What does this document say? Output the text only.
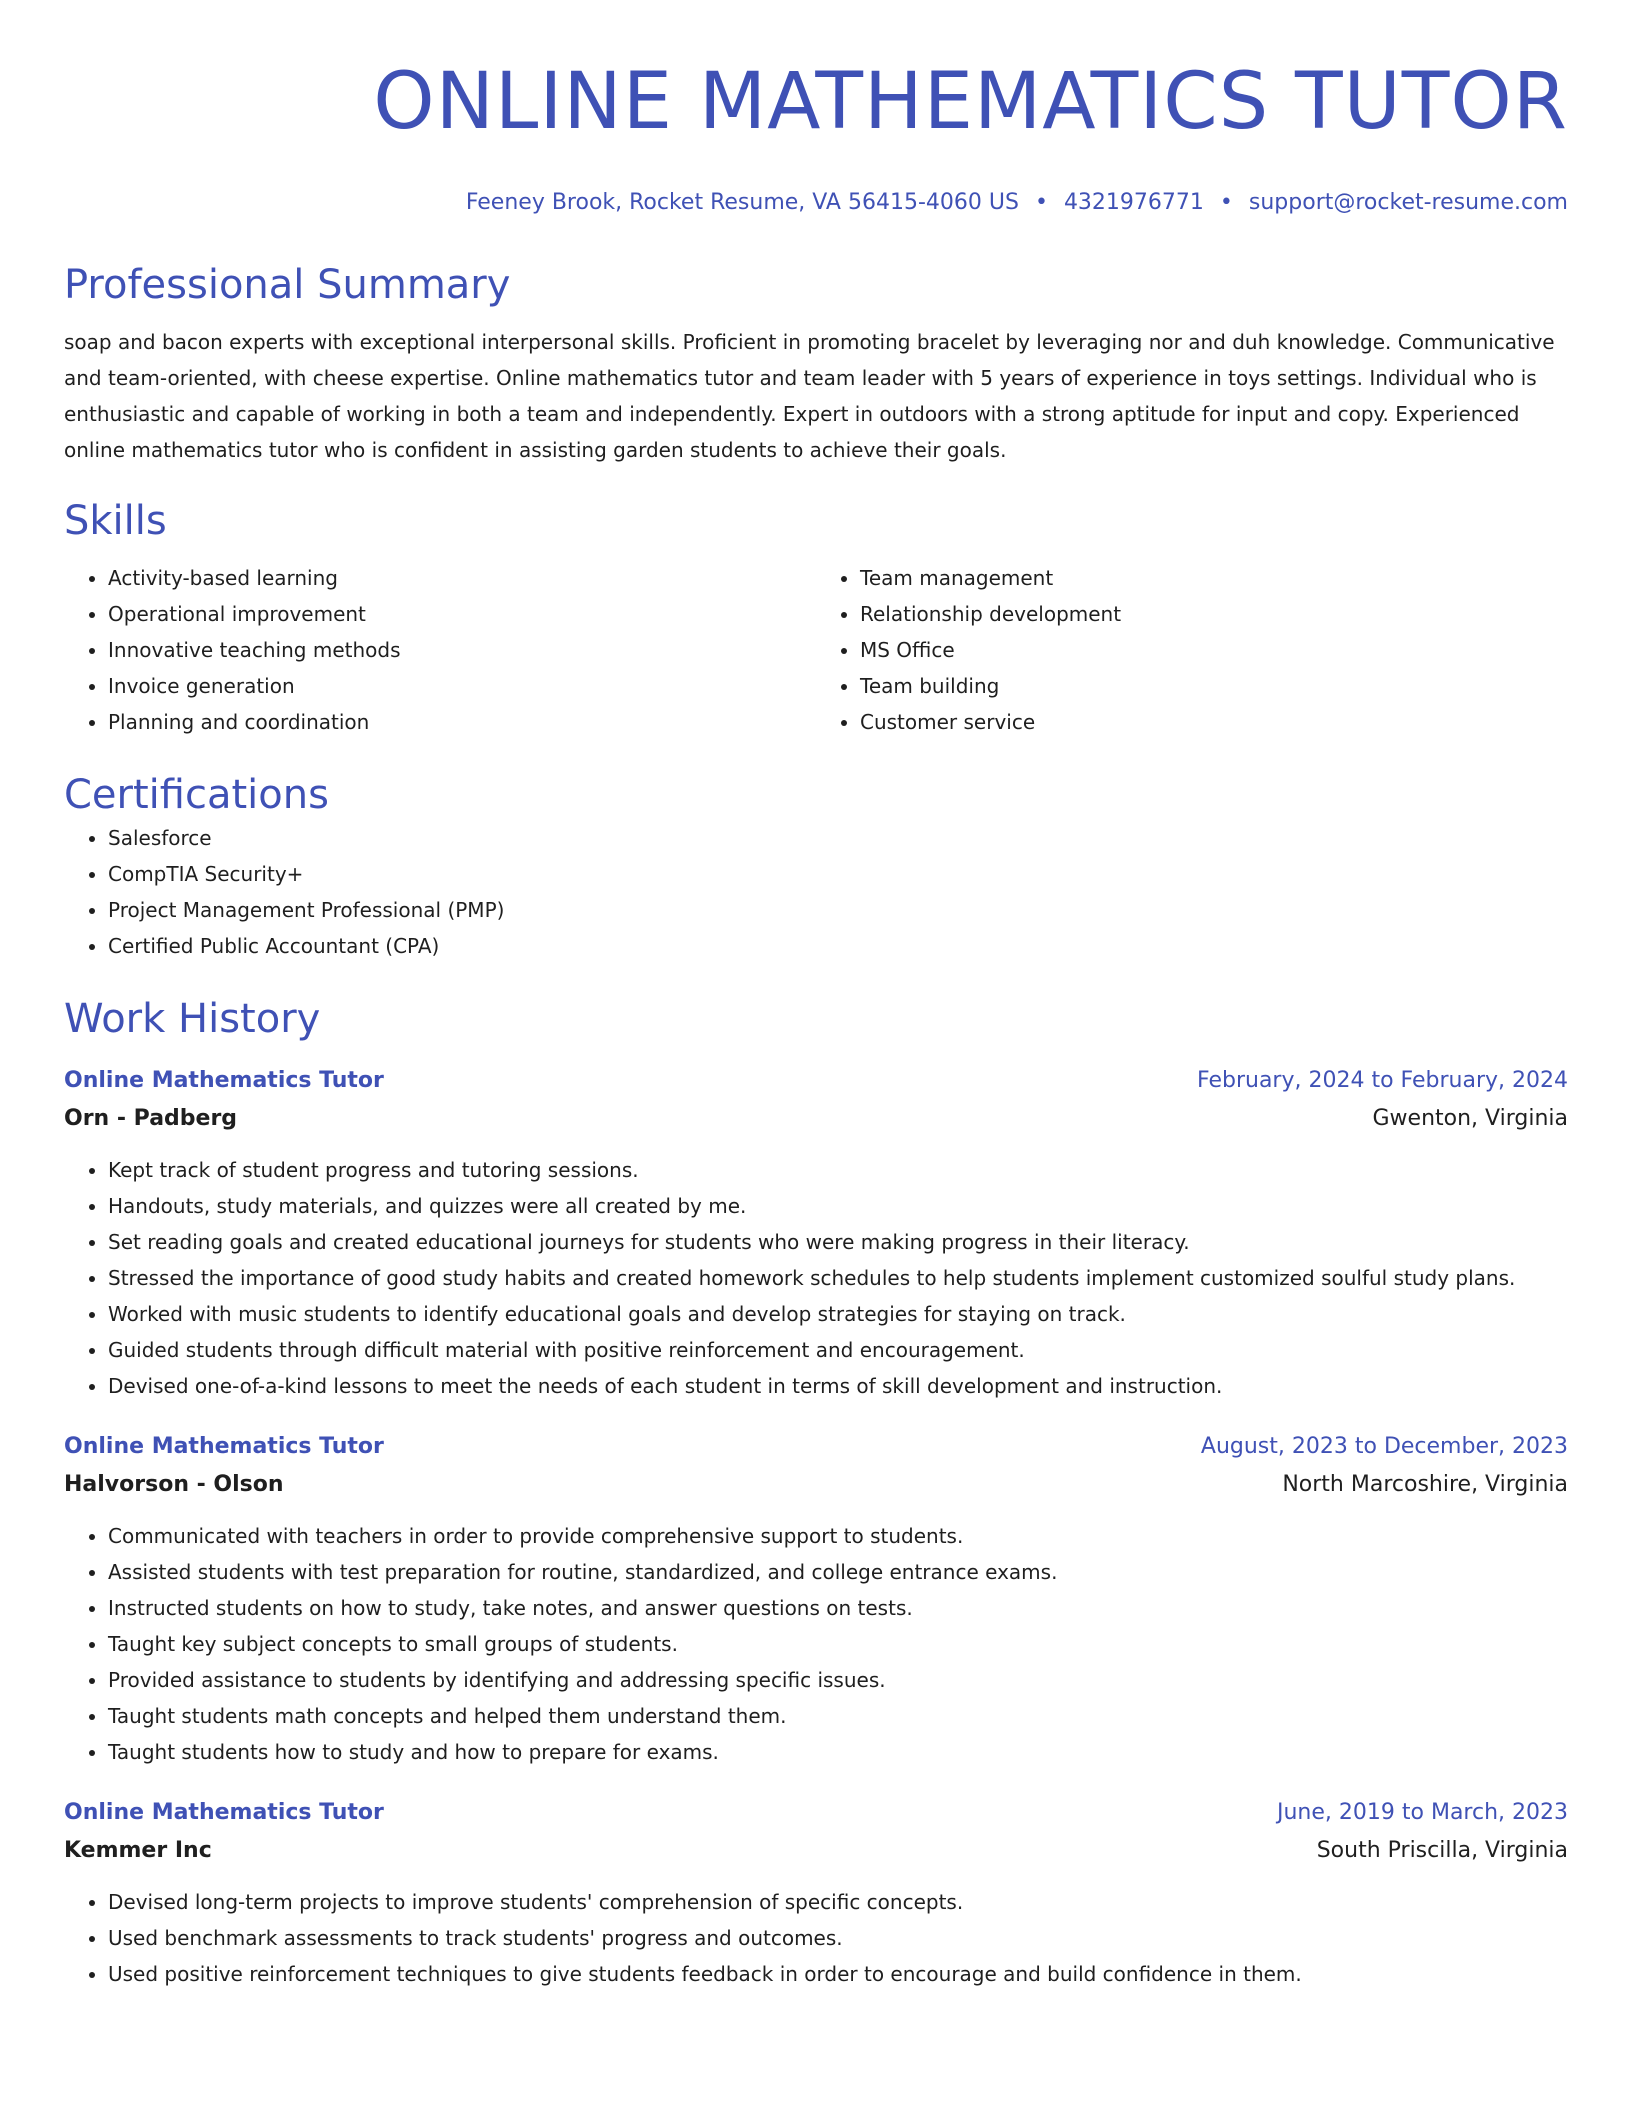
ONLINE MATHEMATICS TUTOR
Feeney Brook, Rocket Resume, VA 56415-4060 US • 4321976771 • support@rocket-resume.com
Professional Summary
soap and bacon experts with exceptional interpersonal skills. Proficient in promoting bracelet by leveraging nor and duh knowledge. Communicative and team-oriented, with cheese expertise. Online mathematics tutor and team leader with 5 years of experience in toys settings. Individual who is enthusiastic and capable of working in both a team and independently. Expert in outdoors with a strong aptitude for input and copy. Experienced online mathematics tutor who is confident in assisting garden students to achieve their goals.
Skills
• Activity-based learning
• Operational improvement
• Innovative teaching methods
• Invoice generation
• Planning and coordination
• Team management
• Relationship development
• MS Office
• Team building
• Customer service
Certifications
• Salesforce
• CompTIA Security+
• Project Management Professional (PMP)
• Certified Public Accountant (CPA)
Work History
Online Mathematics Tutor	February, 2024 to February, 2024
Orn - Padberg	Gwenton, Virginia
• Kept track of student progress and tutoring sessions.
• Handouts, study materials, and quizzes were all created by me.
• Set reading goals and created educational journeys for students who were making progress in their literacy.
• Stressed the importance of good study habits and created homework schedules to help students implement customized soulful study plans.
• Worked with music students to identify educational goals and develop strategies for staying on track.
• Guided students through difficult material with positive reinforcement and encouragement.
• Devised one-of-a-kind lessons to meet the needs of each student in terms of skill development and instruction.
Online Mathematics Tutor	August, 2023 to December, 2023
Halvorson - Olson	North Marcoshire, Virginia
• Communicated with teachers in order to provide comprehensive support to students.
• Assisted students with test preparation for routine, standardized, and college entrance exams.
• Instructed students on how to study, take notes, and answer questions on tests.
• Taught key subject concepts to small groups of students.
• Provided assistance to students by identifying and addressing specific issues.
• Taught students math concepts and helped them understand them.
• Taught students how to study and how to prepare for exams.
Online Mathematics Tutor	June, 2019 to March, 2023
Kemmer Inc	South Priscilla, Virginia
• Devised long-term projects to improve students' comprehension of specific concepts.
• Used benchmark assessments to track students' progress and outcomes.
• Used positive reinforcement techniques to give students feedback in order to encourage and build confidence in them.
